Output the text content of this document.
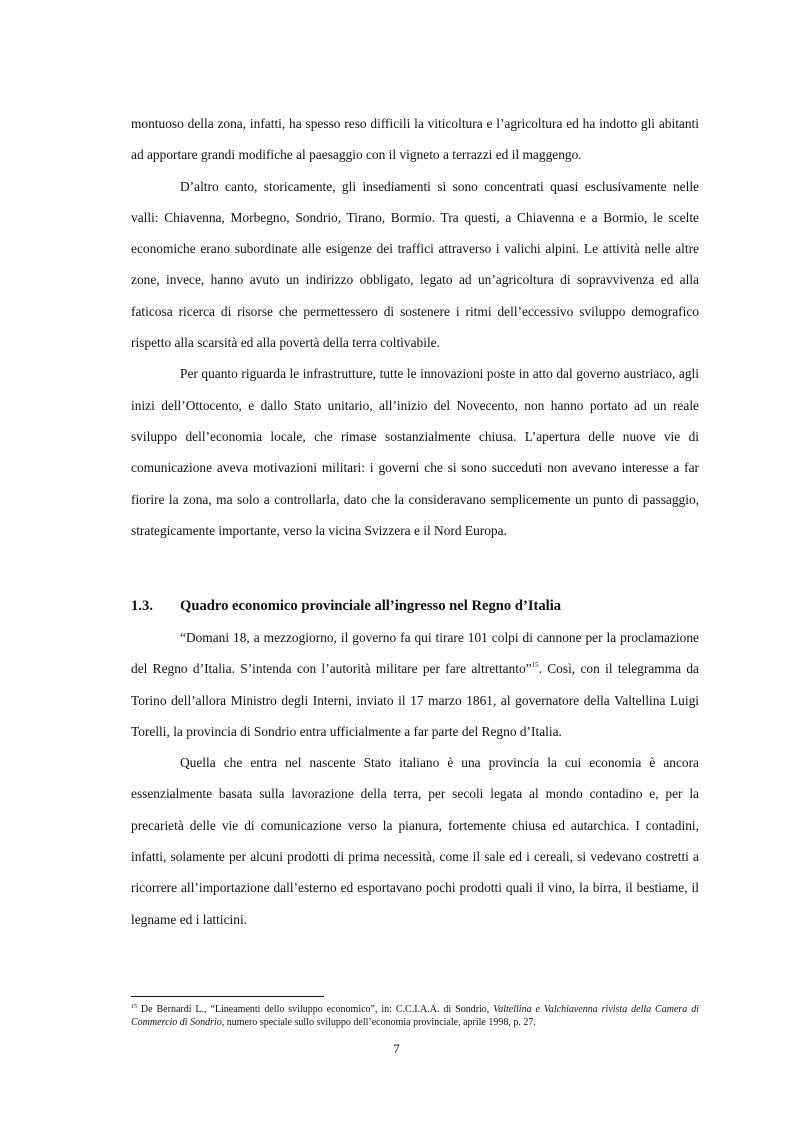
montuoso della zona, infatti, ha spesso reso difficili la viticoltura e l’agricoltura ed ha indotto gli abitanti ad apportare grandi modifiche al paesaggio con il vigneto a terrazzi ed il maggengo.

D’altro canto, storicamente, gli insediamenti si sono concentrati quasi esclusivamente nelle valli: Chiavenna, Morbegno, Sondrio, Tirano, Bormio. Tra questi, a Chiavenna e a Bormio, le scelte economiche erano subordinate alle esigenze dei traffici attraverso i valichi alpini. Le attività nelle altre zone, invece, hanno avuto un indirizzo obbligato, legato ad un’agricoltura di sopravvivenza ed alla faticosa ricerca di risorse che permettessero di sostenere i ritmi dell’eccessivo sviluppo demografico rispetto alla scarsità ed alla povertà della terra coltivabile.

Per quanto riguarda le infrastrutture, tutte le innovazioni poste in atto dal governo austriaco, agli inizi dell’Ottocento, e dallo Stato unitario, all’inizio del Novecento, non hanno portato ad un reale sviluppo dell’economia locale, che rimase sostanzialmente chiusa. L’apertura delle nuove vie di comunicazione aveva motivazioni militari: i governi che si sono succeduti non avevano interesse a far fiorire la zona, ma solo a controllarla, dato che la consideravano semplicemente un punto di passaggio, strategicamente importante, verso la vicina Svizzera e il Nord Europa.

1.3. Quadro economico provinciale all’ingresso nel Regno d’Italia

“Domani 18, a mezzogiorno, il governo fa qui tirare 101 colpi di cannone per la proclamazione del Regno d’Italia. S’intenda con l’autorità militare per fare altrettanto”$^{15}$. Così, con il telegramma da Torino dell’allora Ministro degli Interni, inviato il 17 marzo 1861, al governatore della Valtellina Luigi Torelli, la provincia di Sondrio entra ufficialmente a far parte del Regno d’Italia.

Quella che entra nel nascente Stato italiano è una provincia la cui economia è ancora essenzialmente basata sulla lavorazione della terra, per secoli legata al mondo contadino e, per la precarietà delle vie di comunicazione verso la pianura, fortemente chiusa ed autarchica. I contadini, infatti, solamente per alcuni prodotti di prima necessità, come il sale ed i cereali, si vedevano costretti a ricorrere all’importazione dall’esterno ed esportavano pochi prodotti quali il vino, la birra, il bestiame, il legname ed i latticini.

$^{15}$ De Bernardi L., “Lineamenti dello sviluppo economico”, in: C.C.I.A.A. di Sondrio, Valtellina e Valchiavenna rivista della Camera di Commercio di Sondrio, numero speciale sullo sviluppo dell’economia provinciale, aprile 1998, p. 27.
7
